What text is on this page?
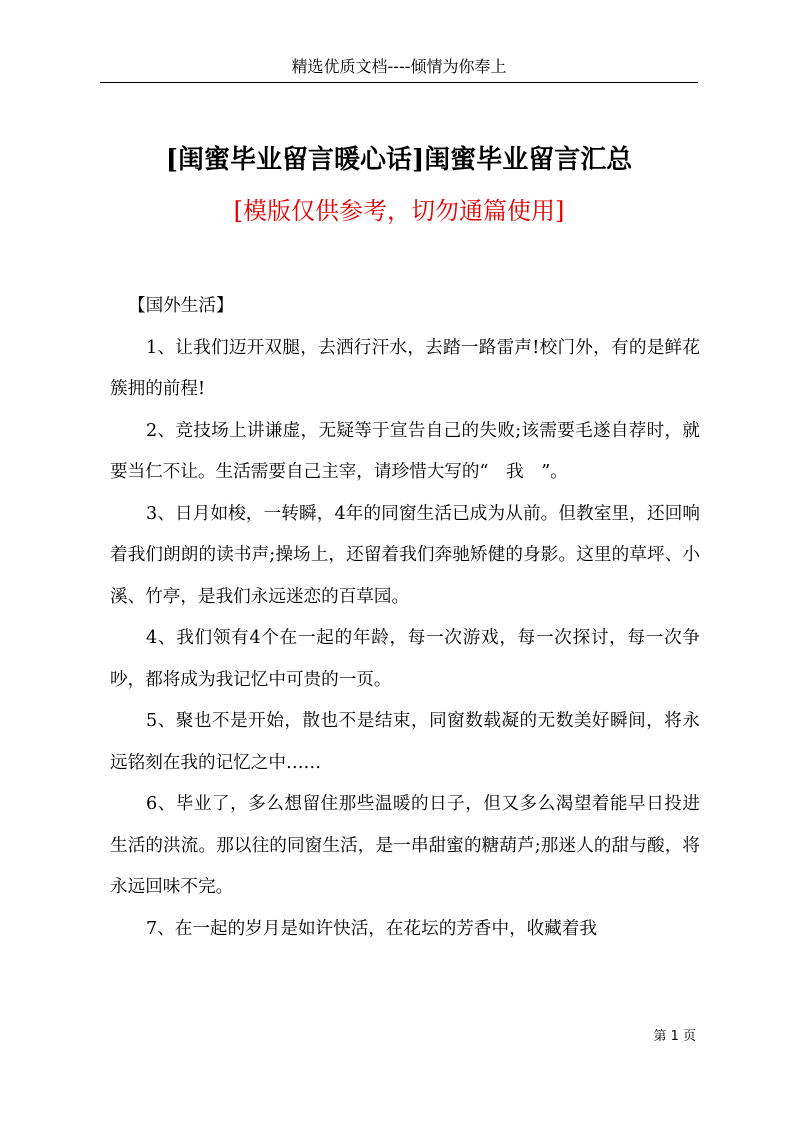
精选优质文档----倾情为你奉上
[闺蜜毕业留言暖心话]闺蜜毕业留言汇总
[模版仅供参考，切勿通篇使用]

【国外生活】

1、让我们迈开双腿，去洒行汗水，去踏一路雷声!校门外，有的是鲜花簇拥的前程!

2、竞技场上讲谦虚，无疑等于宣告自己的失败;该需要毛遂自荐时，就要当仁不让。生活需要自己主宰，请珍惜大写的“　我　”。

3、日月如梭，一转瞬，4年的同窗生活已成为从前。但教室里，还回响着我们朗朗的读书声;操场上，还留着我们奔驰矫健的身影。这里的草坪、小溪、竹亭，是我们永远迷恋的百草园。

4、我们领有4个在一起的年龄，每一次游戏，每一次探讨，每一次争吵，都将成为我记忆中可贵的一页。

5、聚也不是开始，散也不是结束，同窗数载凝的无数美好瞬间，将永远铭刻在我的记忆之中……

6、毕业了，多么想留住那些温暖的日子，但又多么渴望着能早日投进生活的洪流。那以往的同窗生活，是一串甜蜜的糖葫芦;那迷人的甜与酸，将永远回味不完。

7、在一起的岁月是如许快活，在花坛的芳香中，收藏着我

第 1 页
